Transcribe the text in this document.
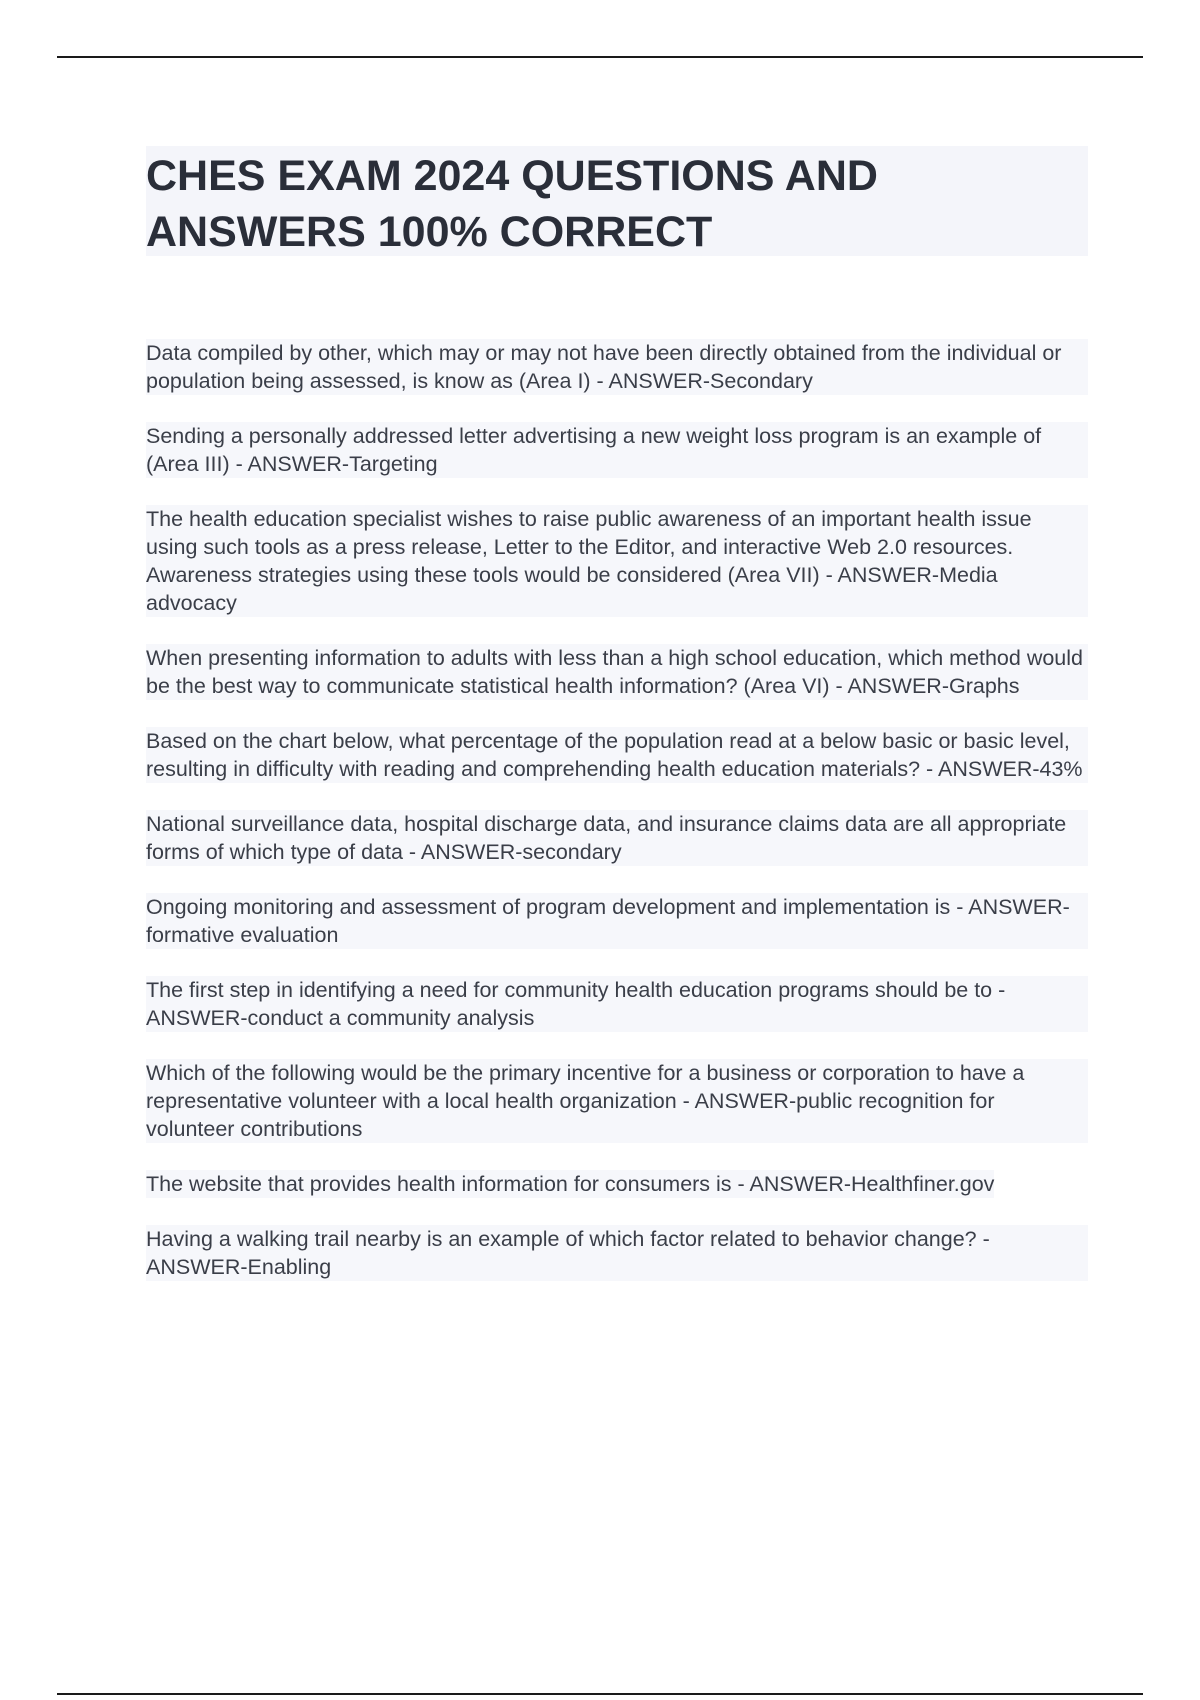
CHES EXAM 2024 QUESTIONS AND ANSWERS 100% CORRECT
Data compiled by other, which may or may not have been directly obtained from the individual or population being assessed, is know as (Area I) - ANSWER-Secondary
Sending a personally addressed letter advertising a new weight loss program is an example of (Area III) - ANSWER-Targeting
The health education specialist wishes to raise public awareness of an important health issue using such tools as a press release, Letter to the Editor, and interactive Web 2.0 resources. Awareness strategies using these tools would be considered (Area VII) - ANSWER-Media advocacy
When presenting information to adults with less than a high school education, which method would be the best way to communicate statistical health information? (Area VI) - ANSWER-Graphs
Based on the chart below, what percentage of the population read at a below basic or basic level, resulting in difficulty with reading and comprehending health education materials? - ANSWER-43%
National surveillance data, hospital discharge data, and insurance claims data are all appropriate forms of which type of data - ANSWER-secondary
Ongoing monitoring and assessment of program development and implementation is - ANSWER-formative evaluation
The first step in identifying a need for community health education programs should be to - ANSWER-conduct a community analysis
Which of the following would be the primary incentive for a business or corporation to have a representative volunteer with a local health organization - ANSWER-public recognition for volunteer contributions
The website that provides health information for consumers is - ANSWER-Healthfiner.gov
Having a walking trail nearby is an example of which factor related to behavior change? - ANSWER-Enabling
